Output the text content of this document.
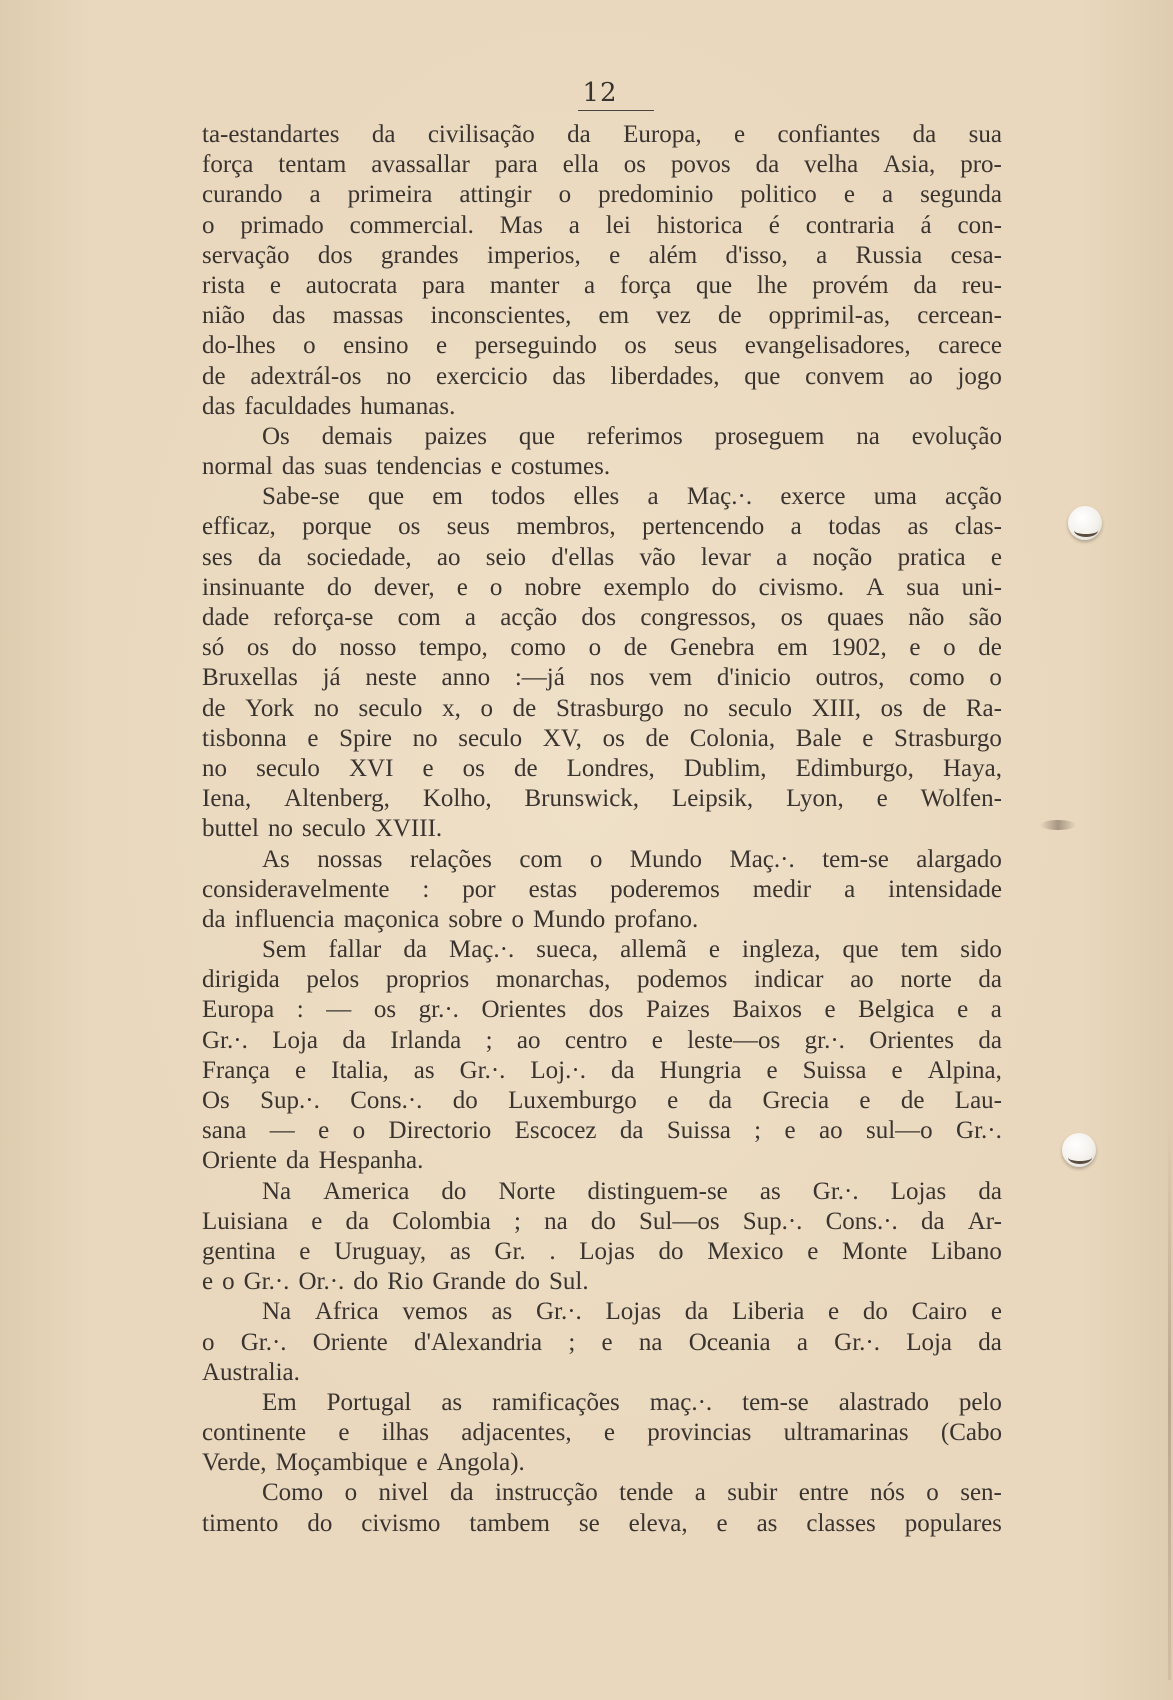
12
ta-estandartes da civilisação da Europa, e confiantes da sua
força tentam avassallar para ella os povos da velha Asia, pro-
curando a primeira attingir o predominio politico e a segunda
o primado commercial. Mas a lei historica é contraria á con-
servação dos grandes imperios, e além d'isso, a Russia cesa-
rista e autocrata para manter a força que lhe provém da reu-
nião das massas inconscientes, em vez de opprimil-as, cercean-
do-lhes o ensino e perseguindo os seus evangelisadores, carece
de adextrál-os no exercicio das liberdades, que convem ao jogo
das faculdades humanas.
Os demais paizes que referimos proseguem na evolução
normal das suas tendencias e costumes.
Sabe-se que em todos elles a Maç.·. exerce uma acção
efficaz, porque os seus membros, pertencendo a todas as clas-
ses da sociedade, ao seio d'ellas vão levar a noção pratica e
insinuante do dever, e o nobre exemplo do civismo. A sua uni-
dade reforça-se com a acção dos congressos, os quaes não são
só os do nosso tempo, como o de Genebra em 1902, e o de
Bruxellas já neste anno :—já nos vem d'inicio outros, como o
de York no seculo x, o de Strasburgo no seculo XIII, os de Ra-
tisbonna e Spire no seculo XV, os de Colonia, Bale e Strasburgo
no seculo XVI e os de Londres, Dublim, Edimburgo, Haya,
Iena, Altenberg, Kolho, Brunswick, Leipsik, Lyon, e Wolfen-
buttel no seculo XVIII.
As nossas relações com o Mundo Maç.·. tem-se alargado
consideravelmente : por estas poderemos medir a intensidade
da influencia maçonica sobre o Mundo profano.
Sem fallar da Maç.·. sueca, allemã e ingleza, que tem sido
dirigida pelos proprios monarchas, podemos indicar ao norte da
Europa : — os gr.·. Orientes dos Paizes Baixos e Belgica e a
Gr.·. Loja da Irlanda ; ao centro e leste—os gr.·. Orientes da
França e Italia, as Gr.·. Loj.·. da Hungria e Suissa e Alpina,
Os Sup.·. Cons.·. do Luxemburgo e da Grecia e de Lau-
sana — e o Directorio Escocez da Suissa ; e ao sul—o Gr.·.
Oriente da Hespanha.
Na America do Norte distinguem-se as Gr.·. Lojas da
Luisiana e da Colombia ; na do Sul—os Sup.·. Cons.·. da Ar-
gentina e Uruguay, as Gr. . Lojas do Mexico e Monte Libano
e o Gr.·. Or.·. do Rio Grande do Sul.
Na Africa vemos as Gr.·. Lojas da Liberia e do Cairo e
o Gr.·. Oriente d'Alexandria ; e na Oceania a Gr.·. Loja da
Australia.
Em Portugal as ramificações maç.·. tem-se alastrado pelo
continente e ilhas adjacentes, e provincias ultramarinas (Cabo
Verde, Moçambique e Angola).
Como o nivel da instrucção tende a subir entre nós o sen-
timento do civismo tambem se eleva, e as classes populares
